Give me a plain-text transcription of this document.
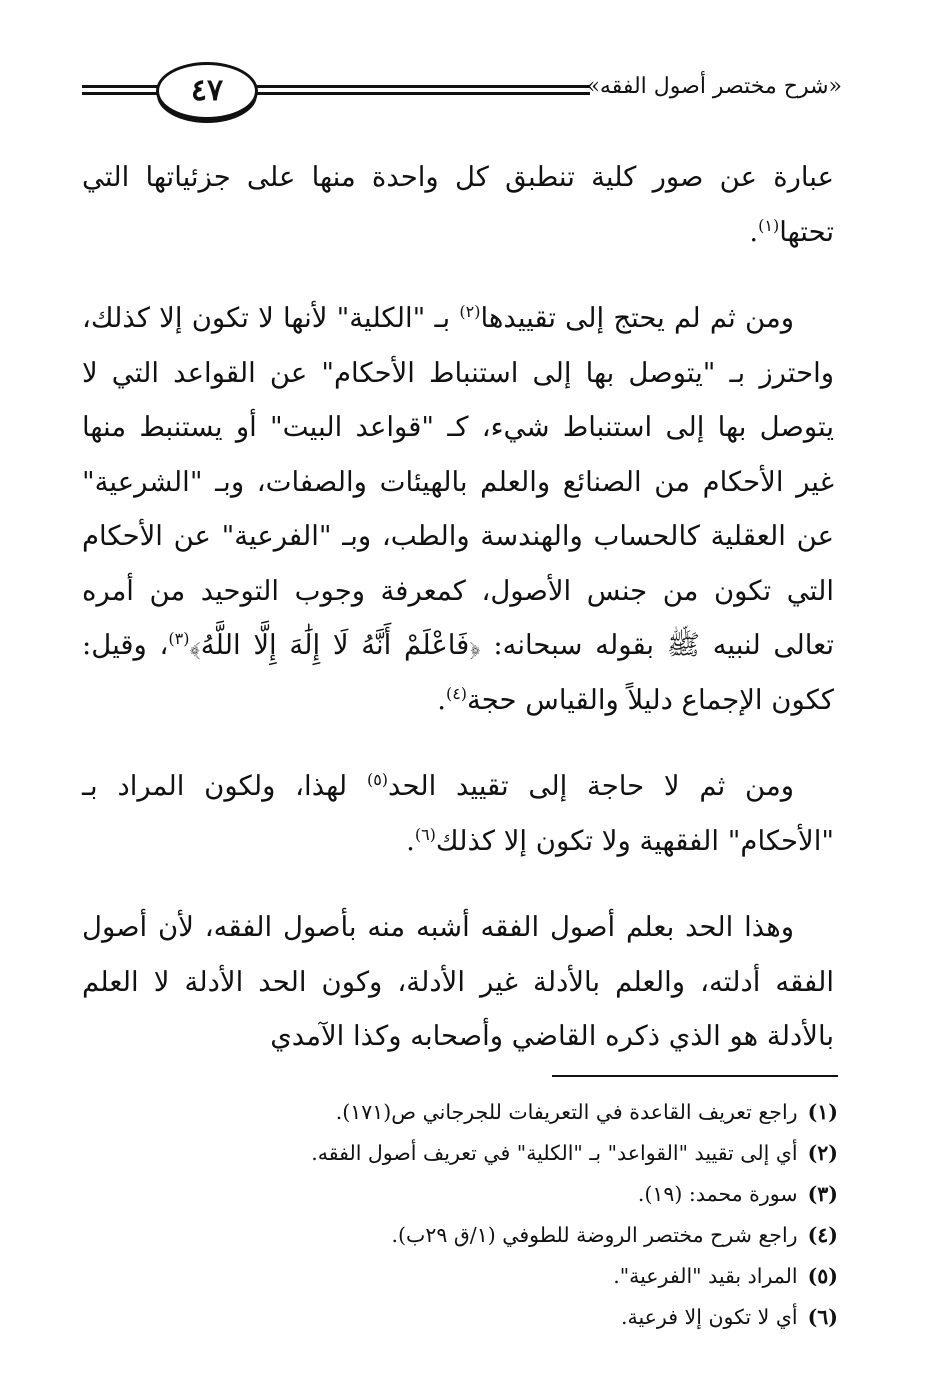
٤٧	«شرح مختصر أصول الفقه»

عبارة عن صور كلية تنطبق كل واحدة منها على جزئياتها التي تحتها$^{(١)}$.

ومن ثم لم يحتج إلى تقييدها$^{(٢)}$ بـ "الكلية" لأنها لا تكون إلا كذلك، واحترز بـ "يتوصل بها إلى استنباط الأحكام" عن القواعد التي لا يتوصل بها إلى استنباط شيء، كـ "قواعد البيت" أو يستنبط منها غير الأحكام من الصنائع والعلم بالهيئات والصفات، وبـ "الشرعية" عن العقلية كالحساب والهندسة والطب، وبـ "الفرعية" عن الأحكام التي تكون من جنس الأصول، كمعرفة وجوب التوحيد من أمره تعالى لنبيه ﷺ بقوله سبحانه: ﴿فَاعْلَمْ أَنَّهُ لَا إِلَٰهَ إِلَّا اللَّهُ﴾$^{(٣)}$، وقيل: ككون الإجماع دليلاً والقياس حجة$^{(٤)}$.

ومن ثم لا حاجة إلى تقييد الحد$^{(٥)}$ لهذا، ولكون المراد بـ "الأحكام" الفقهية ولا تكون إلا كذلك$^{(٦)}$.

وهذا الحد بعلم أصول الفقه أشبه منه بأصول الفقه، لأن أصول الفقه أدلته، والعلم بالأدلة غير الأدلة، وكون الحد الأدلة لا العلم بالأدلة هو الذي ذكره القاضي وأصحابه وكذا الآمدي

(١)راجع تعريف القاعدة في التعريفات للجرجاني ص(١٧١).
(٢)أي إلى تقييد "القواعد" بـ "الكلية" في تعريف أصول الفقه.
(٣)سورة محمد: (١٩).
(٤)راجع شرح مختصر الروضة للطوفي (١/ق ٢٩ب).
(٥)المراد بقيد "الفرعية".
(٦)أي لا تكون إلا فرعية.
